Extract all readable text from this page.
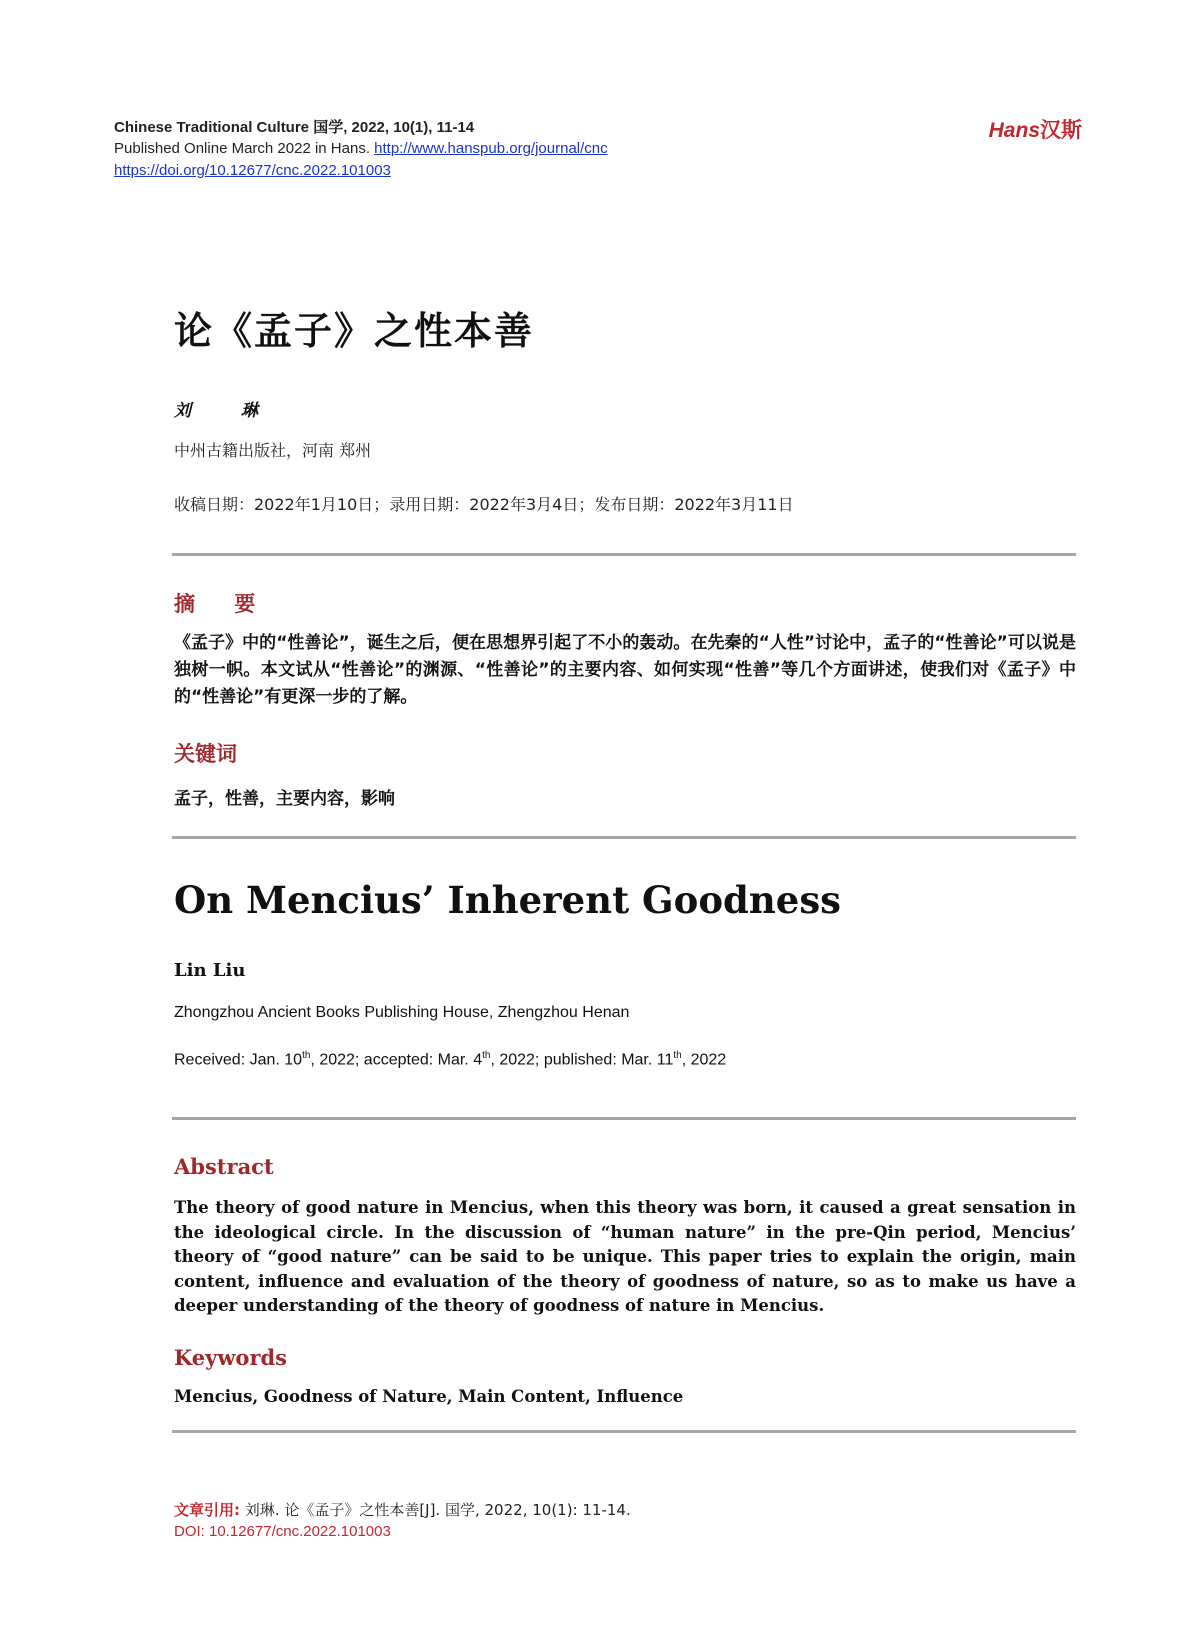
Chinese Traditional Culture 国学, 2022, 10(1), 11-14
Published Online March 2022 in Hans. http://www.hanspub.org/journal/cnc
https://doi.org/10.12677/cnc.2022.101003
Hans汉斯
论《孟子》之性本善
刘 琳
中州古籍出版社，河南 郑州
收稿日期：2022年1月10日；录用日期：2022年3月4日；发布日期：2022年3月11日
摘 要
《孟子》中的“性善论”，诞生之后，便在思想界引起了不小的轰动。在先秦的“人性”讨论中，孟子的“性善论”可以说是独树一帜。本文试从“性善论”的渊源、“性善论”的主要内容、如何实现“性善”等几个方面讲述，使我们对《孟子》中的“性善论”有更深一步的了解。
关键词
孟子，性善，主要内容，影响
On Mencius’ Inherent Goodness
Lin Liu
Zhongzhou Ancient Books Publishing House, Zhengzhou Henan
Received: Jan. 10th, 2022; accepted: Mar. 4th, 2022; published: Mar. 11th, 2022
Abstract
The theory of good nature in Mencius, when this theory was born, it caused a great sensation in the ideological circle. In the discussion of “human nature” in the pre-Qin period, Mencius’ theory of “good nature” can be said to be unique. This paper tries to explain the origin, main content, influence and evaluation of the theory of goodness of nature, so as to make us have a deeper understanding of the theory of goodness of nature in Mencius.
Keywords
Mencius, Goodness of Nature, Main Content, Influence
文章引用: 刘琳. 论《孟子》之性本善[J]. 国学, 2022, 10(1): 11-14.
DOI: 10.12677/cnc.2022.101003
